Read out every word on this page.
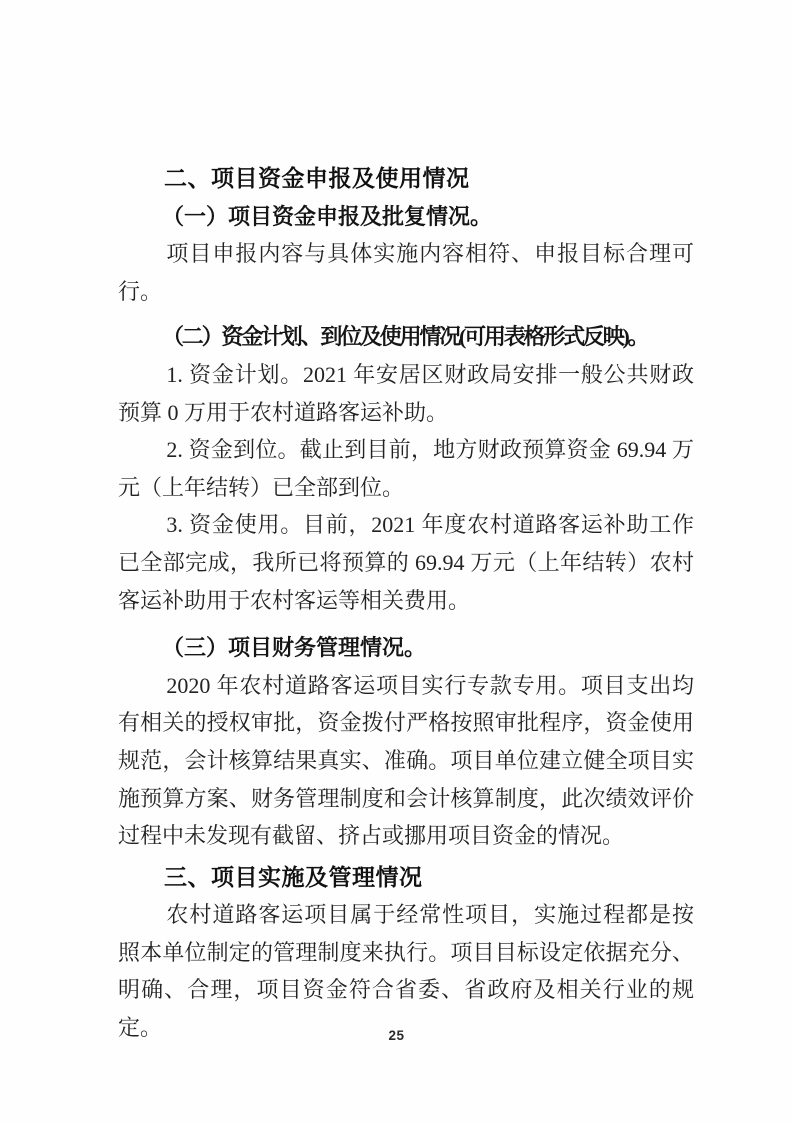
二、项目资金申报及使用情况
（一）项目资金申报及批复情况。
项目申报内容与具体实施内容相符、申报目标合理可行。
（二）资金计划、到位及使用情况(可用表格形式反映)。
1. 资金计划。2021 年安居区财政局安排一般公共财政预算 0 万用于农村道路客运补助。
2. 资金到位。截止到目前，地方财政预算资金 69.94 万元（上年结转）已全部到位。
3. 资金使用。目前，2021 年度农村道路客运补助工作已全部完成，我所已将预算的 69.94 万元（上年结转）农村客运补助用于农村客运等相关费用。
（三）项目财务管理情况。
2020 年农村道路客运项目实行专款专用。项目支出均有相关的授权审批，资金拨付严格按照审批程序，资金使用规范，会计核算结果真实、准确。项目单位建立健全项目实施预算方案、财务管理制度和会计核算制度，此次绩效评价过程中未发现有截留、挤占或挪用项目资金的情况。
三、项目实施及管理情况
农村道路客运项目属于经常性项目，实施过程都是按照本单位制定的管理制度来执行。项目目标设定依据充分、明确、合理，项目资金符合省委、省政府及相关行业的规定。	25
